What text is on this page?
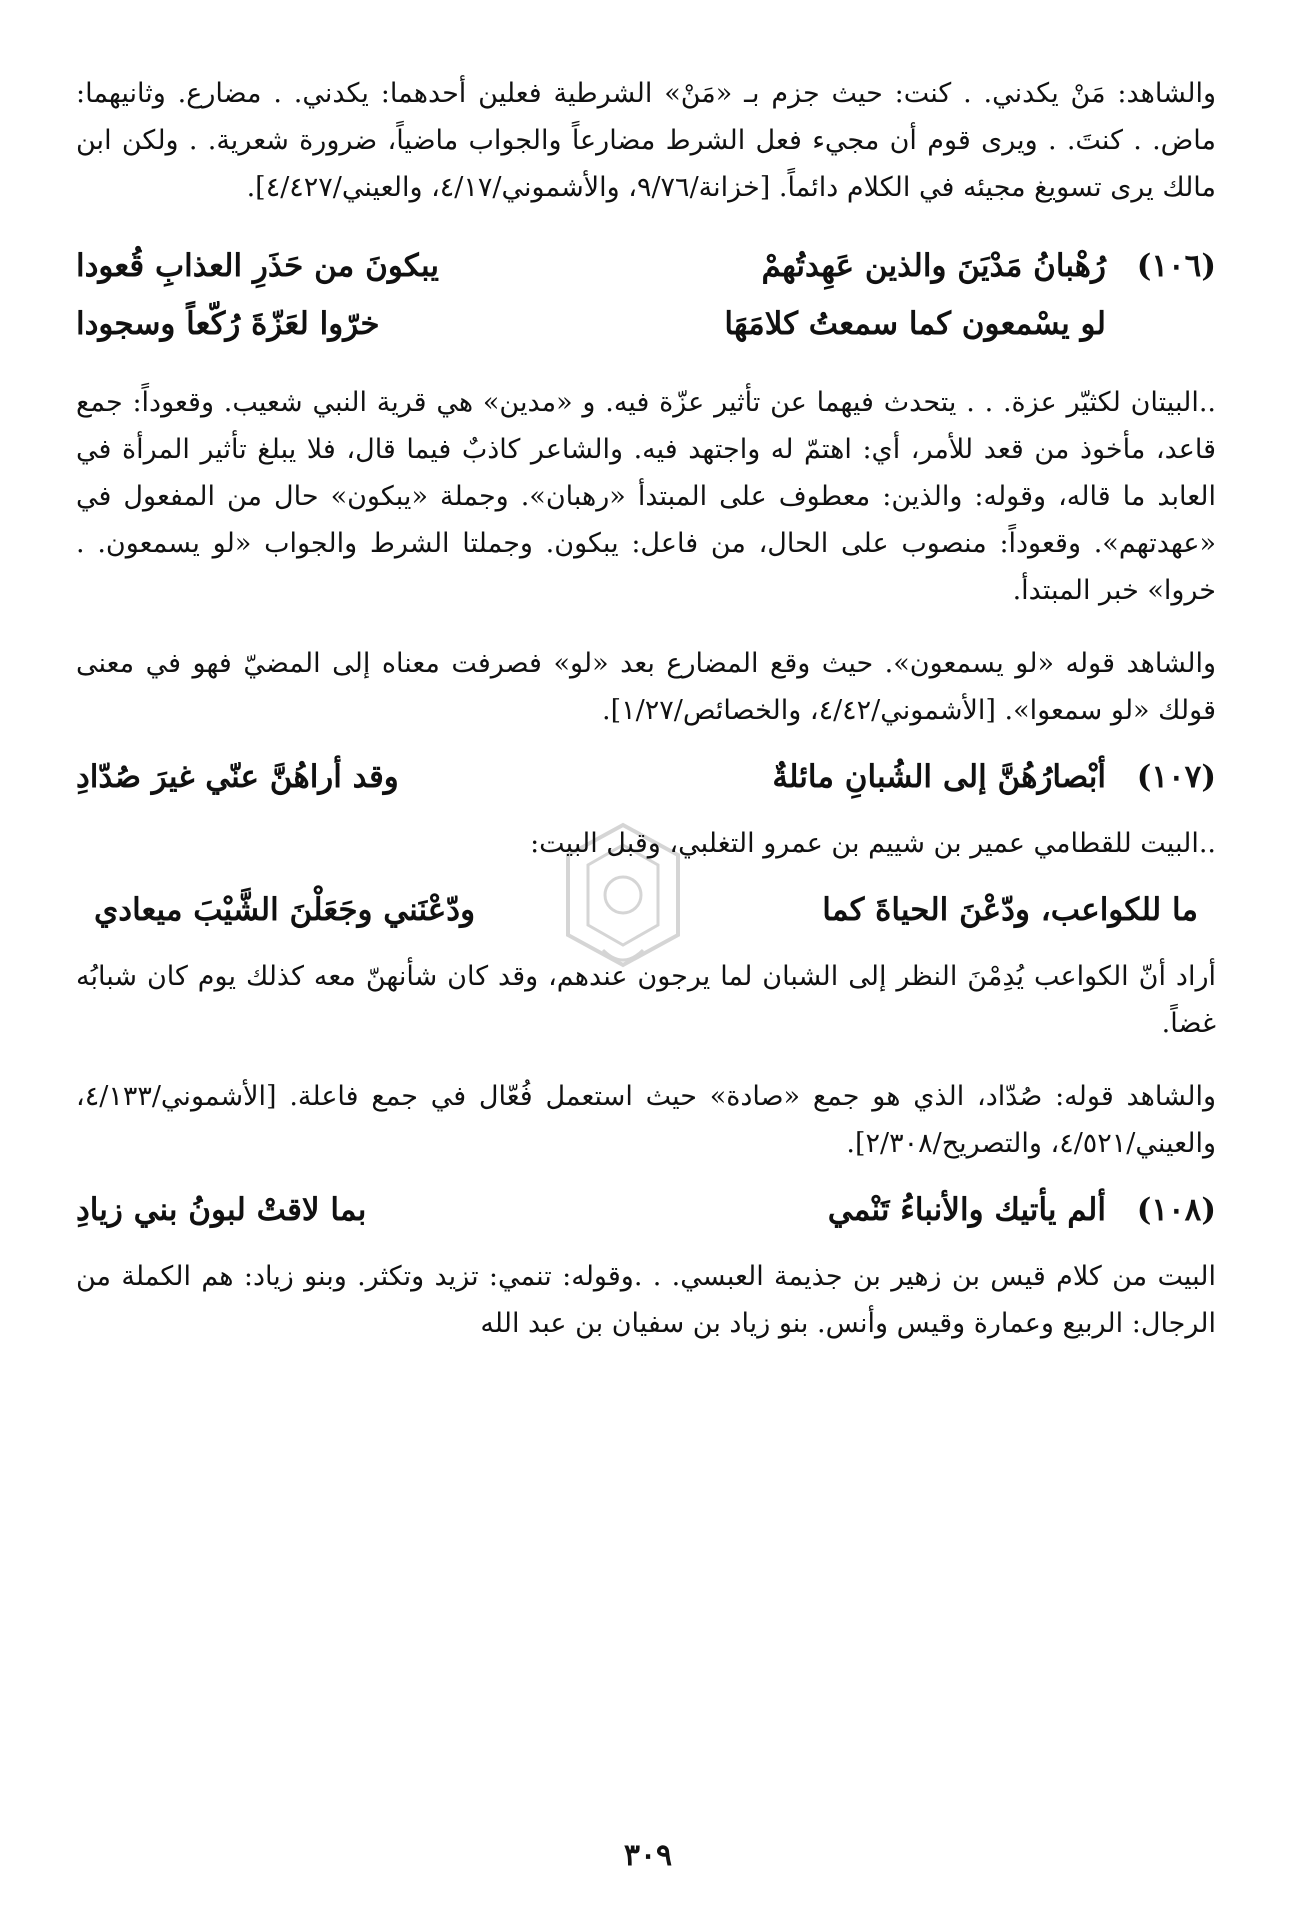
والشاهد: مَنْ يكدني. . كنت: حيث جزم بـ «مَنْ» الشرطية فعلين أحدهما: يكدني. . مضارع. وثانيهما: ماض. . كنتَ. . ويرى قوم أن مجيء فعل الشرط مضارعاً والجواب ماضياً، ضرورة شعرية. . ولكن ابن مالك يرى تسويغ مجيئه في الكلام دائماً. [خزانة/٩/٧٦، والأشموني/٤/١٧، والعيني/٤/٤٢٧].

(١٠٦)
رُهْبانُ مَدْيَنَ والذين عَهِدتُهمْ
يبكونَ من حَذَرِ العذابِ قُعودا
لو يسْمعون كما سمعتُ كلامَهَا
خرّوا لعَزّةَ رُكّعاً وسجودا

..البيتان لكثيّر عزة. . . يتحدث فيهما عن تأثير عزّة فيه. و «مدين» هي قرية النبي شعيب. وقعوداً: جمع قاعد، مأخوذ من قعد للأمر، أي: اهتمّ له واجتهد فيه. والشاعر كاذبٌ فيما قال، فلا يبلغ تأثير المرأة في العابد ما قاله، وقوله: والذين: معطوف على المبتدأ «رهبان». وجملة «يبكون» حال من المفعول في «عهدتهم». وقعوداً: منصوب على الحال، من فاعل: يبكون. وجملتا الشرط والجواب «لو يسمعون. . خروا» خبر المبتدأ.

والشاهد قوله «لو يسمعون». حيث وقع المضارع بعد «لو» فصرفت معناه إلى المضيّ فهو في معنى قولك «لو سمعوا». [الأشموني/٤/٤٢، والخصائص/١/٢٧].

(١٠٧)
أبْصارُهُنَّ إلى الشُبانِ مائلةٌ
وقد أراهُنَّ عنّي غيرَ صُدّادِ

..البيت للقطامي عمير بن شييم بن عمرو التغلبي، وقبل البيت:

ما للكواعب، ودّعْنَ الحياةَ كما
ودّعْنَني وجَعَلْنَ الشَّيْبَ ميعادي

أراد أنّ الكواعب يُدِمْنَ النظر إلى الشبان لما يرجون عندهم، وقد كان شأنهنّ معه كذلك يوم كان شبابُه غضاً.

والشاهد قوله: صُدّاد، الذي هو جمع «صادة» حيث استعمل فُعّال في جمع فاعلة. [الأشموني/٤/١٣٣، والعيني/٤/٥٢١، والتصريح/٢/٣٠٨].

(١٠٨)
ألم يأتيك والأنباءُ تَنْمي
بما لاقتْ لبونُ بني زيادِ

البيت من كلام قيس بن زهير بن جذيمة العبسي. . .وقوله: تنمي: تزيد وتكثر. وبنو زياد: هم الكملة من الرجال: الربيع وعمارة وقيس وأنس. بنو زياد بن سفيان بن عبد الله

٣٠٩
